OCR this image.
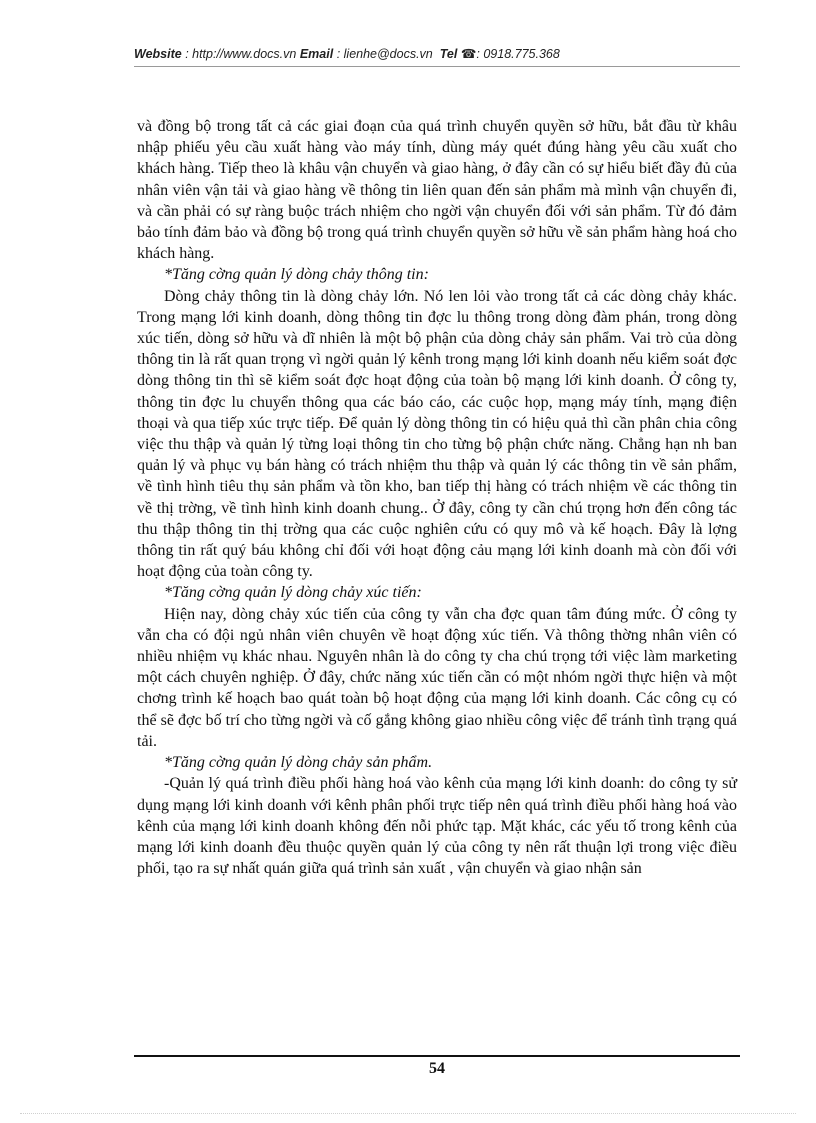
Website : http://www.docs.vn Email : lienhe@docs.vn Tel ☎: 0918.775.368

và đồng bộ trong tất cả các giai đoạn của quá trình chuyển quyền sở hữu, bắt đầu từ khâu nhập phiếu yêu cầu xuất hàng vào máy tính, dùng máy quét đúng hàng yêu cầu xuất cho khách hàng. Tiếp theo là khâu vận chuyển và giao hàng, ở đây cần có sự hiểu biết đầy đủ của nhân viên vận tải và giao hàng về thông tin liên quan đến sản phẩm mà mình vận chuyển đi, và cần phải có sự ràng buộc trách nhiệm cho ngời vận chuyển đối với sản phẩm. Từ đó đảm bảo tính đảm bảo và đồng bộ trong quá trình chuyển quyền sở hữu về sản phẩm hàng hoá cho khách hàng.

*Tăng cờng quản lý dòng chảy thông tin:

Dòng chảy thông tin là dòng chảy lớn. Nó len lỏi vào trong tất cả các dòng chảy khác. Trong mạng lới kinh doanh, dòng thông tin đợc lu thông trong dòng đàm phán, trong dòng xúc tiến, dòng sở hữu và dĩ nhiên là một bộ phận của dòng chảy sản phẩm. Vai trò của dòng thông tin là rất quan trọng vì ngời quản lý kênh trong mạng lới kinh doanh nếu kiểm soát đợc dòng thông tin thì sẽ kiểm soát đợc hoạt động của toàn bộ mạng lới kinh doanh. Ở công ty, thông tin đợc lu chuyển thông qua các báo cáo, các cuộc họp, mạng máy tính, mạng điện thoại và qua tiếp xúc trực tiếp. Để quản lý dòng thông tin có hiệu quả thì cần phân chia công việc thu thập và quản lý từng loại thông tin cho từng bộ phận chức năng. Chẳng hạn nh ban quản lý và phục vụ bán hàng có trách nhiệm thu thập và quản lý các thông tin về sản phẩm, về tình hình tiêu thụ sản phẩm và tồn kho, ban tiếp thị hàng có trách nhiệm về các thông tin về thị trờng, về tình hình kinh doanh chung.. Ở đây, công ty cần chú trọng hơn đến công tác thu thập thông tin thị trờng qua các cuộc nghiên cứu có quy mô và kế hoạch. Đây là lợng thông tin rất quý báu không chỉ đối với hoạt động cảu mạng lới kinh doanh mà còn đối với hoạt động của toàn công ty.

*Tăng cờng quản lý dòng chảy xúc tiến:

Hiện nay, dòng chảy xúc tiến của công ty vẫn cha đợc quan tâm đúng mức. Ở công ty vẫn cha có đội ngủ nhân viên chuyên về hoạt động xúc tiến. Và thông thờng nhân viên có nhiều nhiệm vụ khác nhau. Nguyên nhân là do công ty cha chú trọng tới việc làm marketing một cách chuyên nghiệp. Ở đây, chức năng xúc tiến cần có một nhóm ngời thực hiện và một chơng trình kế hoạch bao quát toàn bộ hoạt động của mạng lới kinh doanh. Các công cụ có thể sẽ đợc bố trí cho từng ngời và cố gắng không giao nhiều công việc để tránh tình trạng quá tải.

*Tăng cờng quản lý dòng chảy sản phẩm.

-Quản lý quá trình điều phối hàng hoá vào kênh của mạng lới kinh doanh: do công ty sử dụng mạng lới kinh doanh với kênh phân phối trực tiếp nên quá trình điều phối hàng hoá vào kênh của mạng lới kinh doanh không đến nỗi phức tạp. Mặt khác, các yếu tố trong kênh của mạng lới kinh doanh đều thuộc quyền quản lý của công ty nên rất thuận lợi trong việc điều phối, tạo ra sự nhất quán giữa quá trình sản xuất , vận chuyển và giao nhận sản

54
